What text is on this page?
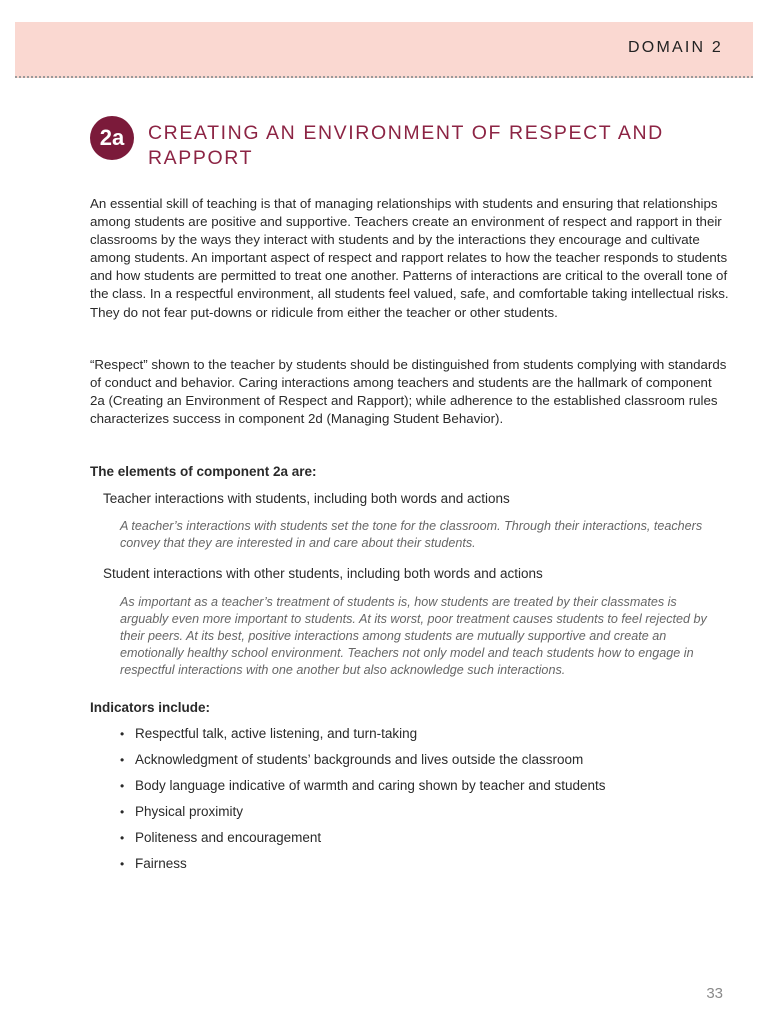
DOMAIN 2
2a	CREATING AN ENVIRONMENT OF RESPECT AND RAPPORT

An essential skill of teaching is that of managing relationships with students and ensuring that relationships among students are positive and supportive. Teachers create an environment of respect and rapport in their classrooms by the ways they interact with students and by the interactions they encourage and cultivate among students. An important aspect of respect and rapport relates to how the teacher responds to students and how students are permitted to treat one another. Patterns of interactions are critical to the overall tone of the class. In a respectful environment, all students feel valued, safe, and comfortable taking intellectual risks. They do not fear put-downs or ridicule from either the teacher or other students.

“Respect” shown to the teacher by students should be distinguished from students complying with standards of conduct and behavior. Caring interactions among teachers and students are the hallmark of component 2a (Creating an Environment of Respect and Rapport); while adherence to the established classroom rules characterizes success in component 2d (Managing Student Behavior).

The elements of component 2a are:

Teacher interactions with students, including both words and actions

A teacher’s interactions with students set the tone for the classroom. Through their interactions, teachers convey that they are interested in and care about their students.

Student interactions with other students, including both words and actions

As important as a teacher’s treatment of students is, how students are treated by their classmates is arguably even more important to students. At its worst, poor treatment causes students to feel rejected by their peers. At its best, positive interactions among students are mutually supportive and create an emotionally healthy school environment. Teachers not only model and teach students how to engage in respectful interactions with one another but also acknowledge such interactions.

Indicators include:

• Respectful talk, active listening, and turn-taking
• Acknowledgment of students’ backgrounds and lives outside the classroom
• Body language indicative of warmth and caring shown by teacher and students
• Physical proximity
• Politeness and encouragement
• Fairness
33
